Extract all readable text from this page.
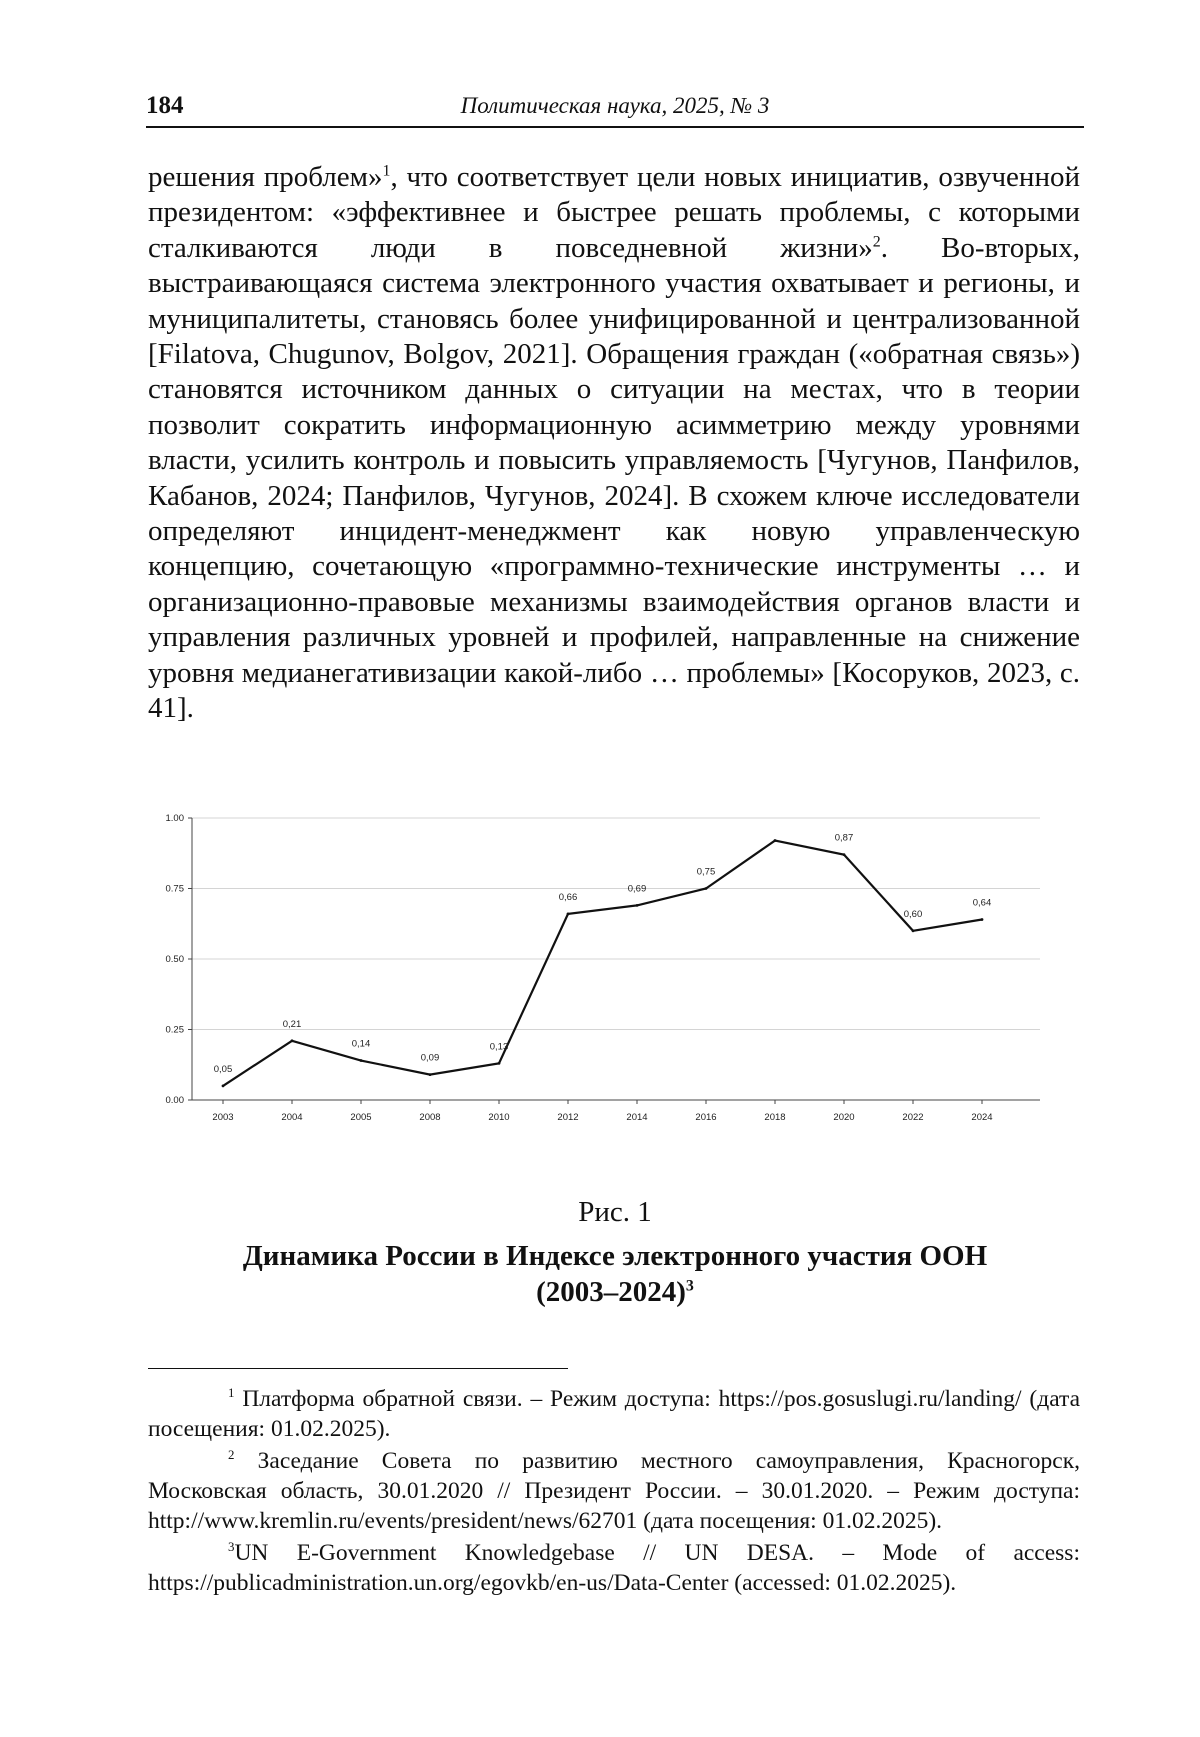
184	Политическая наука, 2025, № 3

решения проблем»1, что соответствует цели новых инициатив, озвученной президентом: «эффективнее и быстрее решать проблемы, с которыми сталкиваются люди в повседневной жизни»2. Во-вторых, выстраивающаяся система электронного участия охватывает и регионы, и муниципалитеты, становясь более унифицированной и централизованной [Filatova, Chugunov, Bolgov, 2021]. Обращения граждан («обратная связь») становятся источником данных о ситуации на местах, что в теории позволит сократить информационную асимметрию между уровнями власти, усилить контроль и повысить управляемость [Чугунов, Панфилов, Кабанов, 2024; Панфилов, Чугунов, 2024]. В схожем ключе исследователи определяют инцидент-менеджмент как новую управленческую концепцию, сочетающую «программно-технические инструменты … и организационно-правовые механизмы взаимодействия органов власти и управления различных уровней и профилей, направленные на снижение уровня медианегативизации какой-либо … проблемы» [Косоруков, 2023, с. 41].

0.00
0.25
0.50
0.75
1.00
2003	2004	2005	2008	2010	2012	2014	2016	2018	2020	2022	2024
0,05
0,21
0,14
0,09
0,13
0,66
0,69
0,75
0,87
0,60
0,64
Рис. 1
Динамика России в Индексе электронного участия ООН
(2003–2024)3

1 Платформа обратной связи. – Режим доступа: https://pos.gosuslugi.ru/landing/ (дата посещения: 01.02.2025).

2 Заседание Совета по развитию местного самоуправления, Красногорск, Московская область, 30.01.2020 // Президент России. – 30.01.2020. – Режим доступа: http://www.kremlin.ru/events/president/news/62701 (дата посещения: 01.02.2025).

3UN E-Government Knowledgebase // UN DESA. – Mode of access: https://publicadministration.un.org/egovkb/en-us/Data-Center (accessed: 01.02.2025).
